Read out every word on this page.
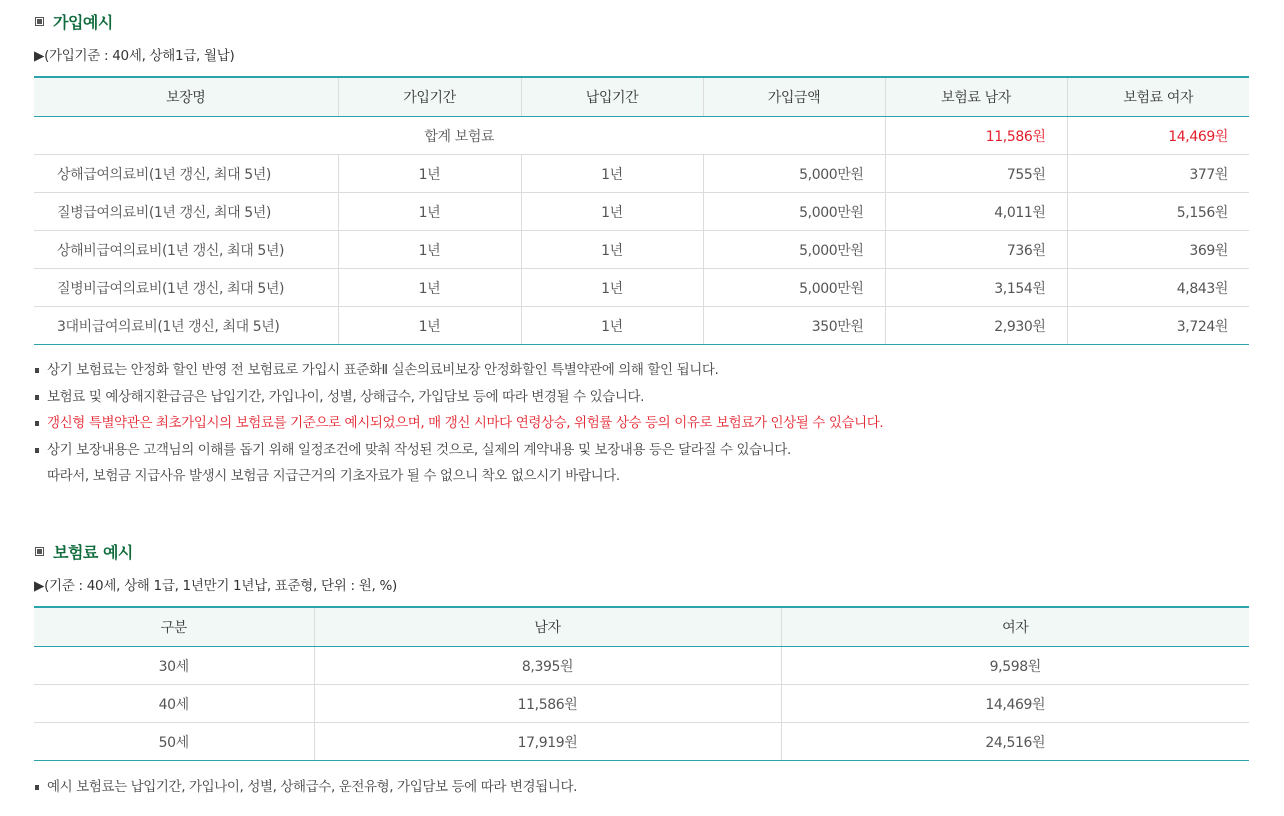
가입예시
▶(가입기준 : 40세, 상해1급, 월납)
보장명	가입기간	납입기간	가입금액	보험료 남자	보험료 여자
합계 보험료				11,586원	14,469원
상해급여의료비(1년 갱신, 최대 5년)	1년	1년	5,000만원	755원	377원
질병급여의료비(1년 갱신, 최대 5년)	1년	1년	5,000만원	4,011원	5,156원
상해비급여의료비(1년 갱신, 최대 5년)	1년	1년	5,000만원	736원	369원
질병비급여의료비(1년 갱신, 최대 5년)	1년	1년	5,000만원	3,154원	4,843원
3대비급여의료비(1년 갱신, 최대 5년)	1년	1년	350만원	2,930원	3,724원
상기 보험료는 안정화 할인 반영 전 보험료로 가입시 표준화Ⅱ 실손의료비보장 안정화할인 특별약관에 의해 할인 됩니다.
보험료 및 예상해지환급금은 납입기간, 가입나이, 성별, 상해급수, 가입담보 등에 따라 변경될 수 있습니다.
갱신형 특별약관은 최초가입시의 보험료를 기준으로 예시되었으며, 매 갱신 시마다 연령상승, 위험률 상승 등의 이유로 보험료가 인상될 수 있습니다.
상기 보장내용은 고객님의 이해를 돕기 위해 일정조건에 맞춰 작성된 것으로, 실제의 계약내용 및 보장내용 등은 달라질 수 있습니다.
따라서, 보험금 지급사유 발생시 보험금 지급근거의 기초자료가 될 수 없으니 착오 없으시기 바랍니다.
보험료 예시
▶(기준 : 40세, 상해 1급, 1년만기 1년납, 표준형, 단위 : 원, %)
구분	남자	여자
30세	8,395원	9,598원
40세	11,586원	14,469원
50세	17,919원	24,516원
예시 보험료는 납입기간, 가입나이, 성별, 상해급수, 운전유형, 가입담보 등에 따라 변경됩니다.
